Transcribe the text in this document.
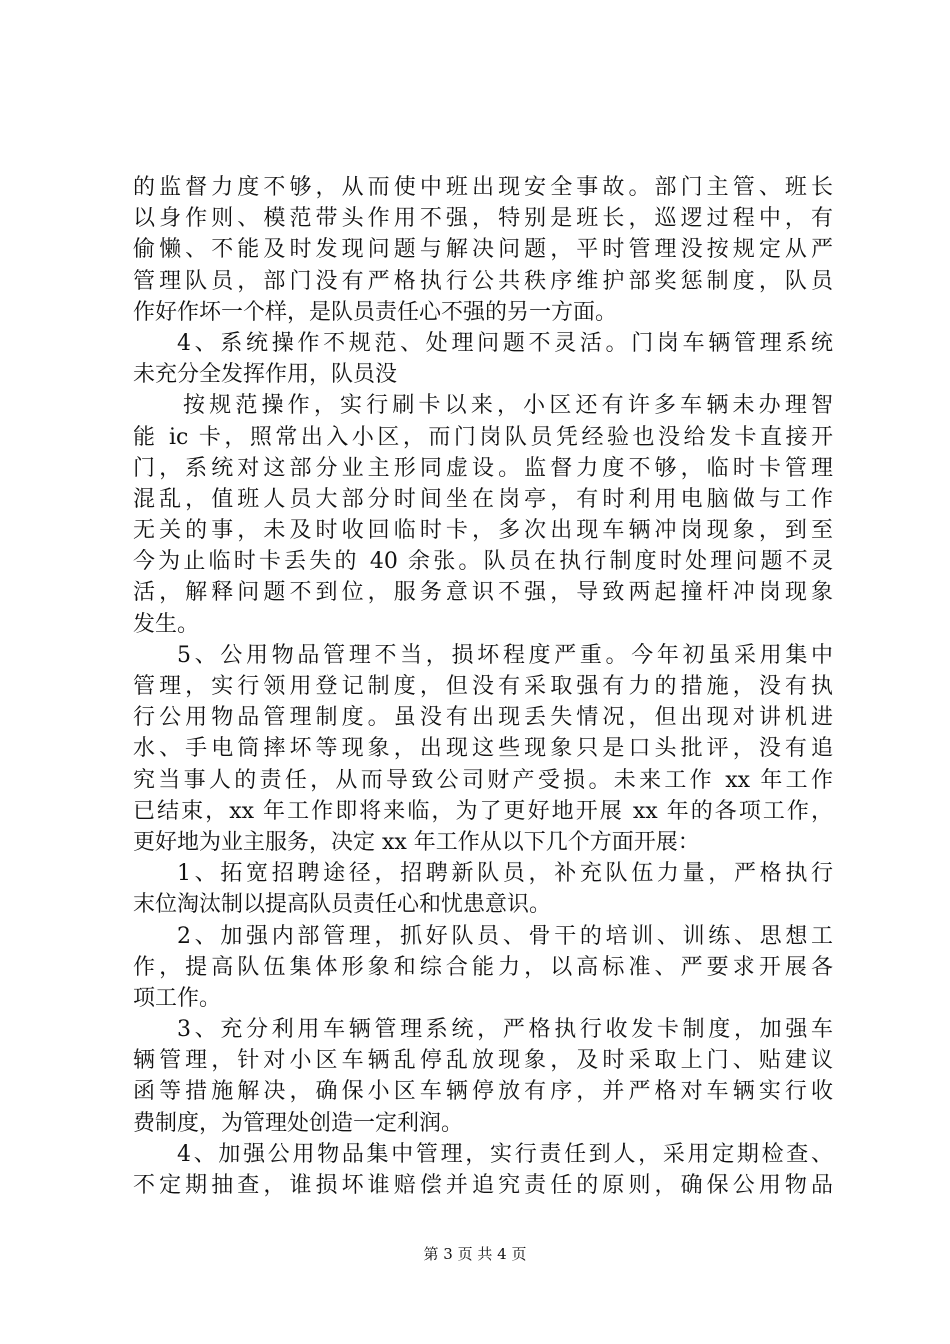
的监督力度不够，从而使中班出现安全事故。部门主管、班长
以身作则、模范带头作用不强，特别是班长，巡逻过程中，有
偷懒、不能及时发现问题与解决问题，平时管理没按规定从严
管理队员，部门没有严格执行公共秩序维护部奖惩制度，队员
作好作坏一个样，是队员责任心不强的另一方面。
4、系统操作不规范、处理问题不灵活。门岗车辆管理系统
未充分全发挥作用，队员没
按规范操作，实行刷卡以来，小区还有许多车辆未办理智
能 ic 卡，照常出入小区，而门岗队员凭经验也没给发卡直接开
门，系统对这部分业主形同虚设。监督力度不够，临时卡管理
混乱，值班人员大部分时间坐在岗亭，有时利用电脑做与工作
无关的事，未及时收回临时卡，多次出现车辆冲岗现象，到至
今为止临时卡丢失的 40 余张。队员在执行制度时处理问题不灵
活，解释问题不到位，服务意识不强，导致两起撞杆冲岗现象
发生。
5、公用物品管理不当，损坏程度严重。今年初虽采用集中
管理，实行领用登记制度，但没有采取强有力的措施，没有执
行公用物品管理制度。虽没有出现丢失情况，但出现对讲机进
水、手电筒摔坏等现象，出现这些现象只是口头批评，没有追
究当事人的责任，从而导致公司财产受损。未来工作 xx 年工作
已结束，xx 年工作即将来临，为了更好地开展 xx 年的各项工作，
更好地为业主服务，决定 xx 年工作从以下几个方面开展：
1、拓宽招聘途径，招聘新队员，补充队伍力量，严格执行
末位淘汰制以提高队员责任心和忧患意识。
2、加强内部管理，抓好队员、骨干的培训、训练、思想工
作，提高队伍集体形象和综合能力，以高标准、严要求开展各
项工作。
3、充分利用车辆管理系统，严格执行收发卡制度，加强车
辆管理，针对小区车辆乱停乱放现象，及时采取上门、贴建议
函等措施解决，确保小区车辆停放有序，并严格对车辆实行收
费制度，为管理处创造一定利润。
4、加强公用物品集中管理，实行责任到人，采用定期检查、
不定期抽查，谁损坏谁赔偿并追究责任的原则，确保公用物品
第 3 页 共 4 页
